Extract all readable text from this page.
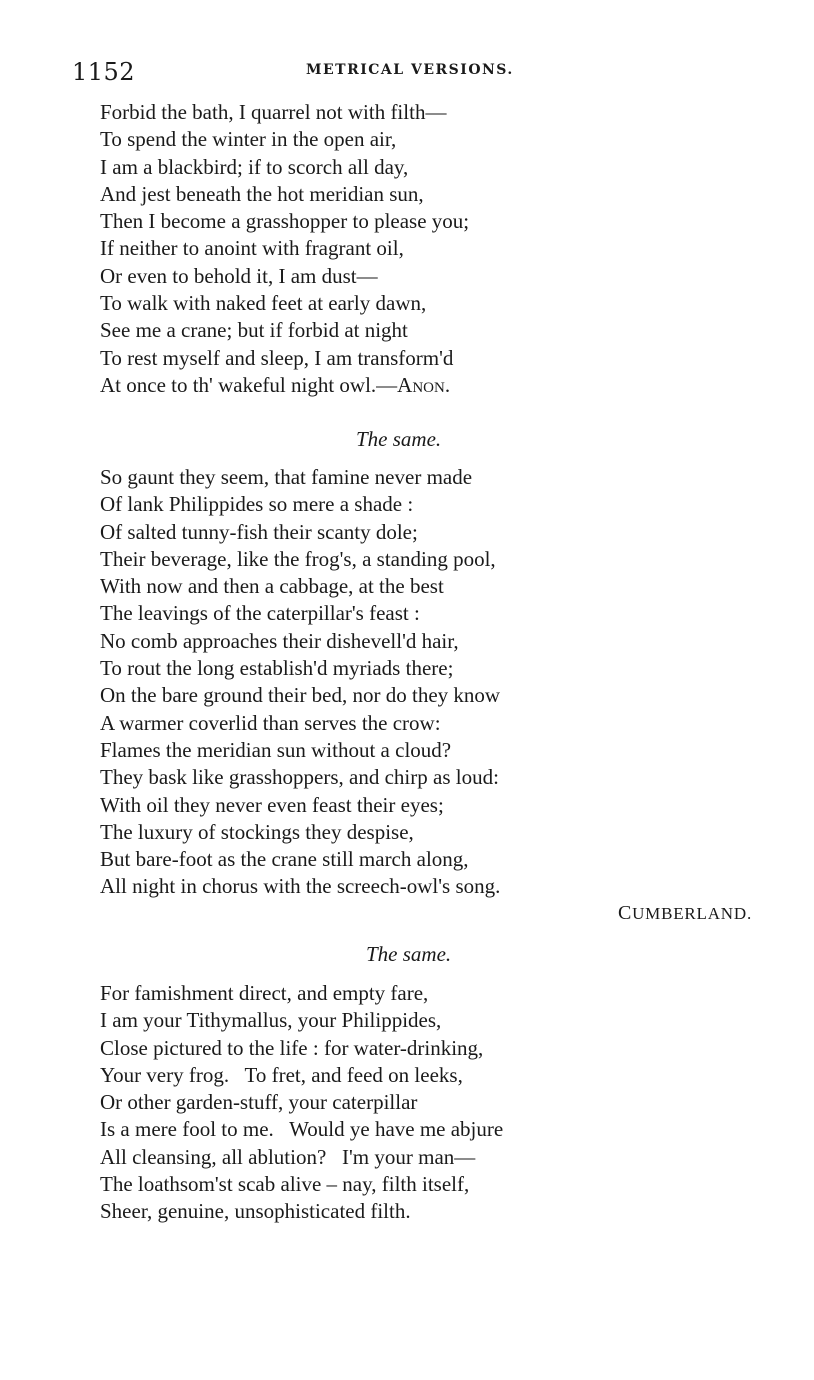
1152	METRICAL VERSIONS.
Forbid the bath, I quarrel not with filth—
To spend the winter in the open air,
I am a blackbird; if to scorch all day,
And jest beneath the hot meridian sun,
Then I become a grasshopper to please you;
If neither to anoint with fragrant oil,
Or even to behold it, I am dust—
To walk with naked feet at early dawn,
See me a crane; but if forbid at night
To rest myself and sleep, I am transform'd
At once to th' wakeful night owl.—Anon.
The same.
So gaunt they seem, that famine never made
Of lank Philippides so mere a shade :
Of salted tunny-fish their scanty dole;
Their beverage, like the frog's, a standing pool,
With now and then a cabbage, at the best
The leavings of the caterpillar's feast :
No comb approaches their dishevell'd hair,
To rout the long establish'd myriads there;
On the bare ground their bed, nor do they know
A warmer coverlid than serves the crow:
Flames the meridian sun without a cloud?
They bask like grasshoppers, and chirp as loud:
With oil they never even feast their eyes;
The luxury of stockings they despise,
But bare-foot as the crane still march along,
All night in chorus with the screech-owl's song.
CUMBERLAND.
The same.
For famishment direct, and empty fare,
I am your Tithymallus, your Philippides,
Close pictured to the life : for water-drinking,
Your very frog.   To fret, and feed on leeks,
Or other garden-stuff, your caterpillar
Is a mere fool to me.   Would ye have me abjure
All cleansing, all ablution?   I'm your man—
The loathsom'st scab alive – nay, filth itself,
Sheer, genuine, unsophisticated filth.
